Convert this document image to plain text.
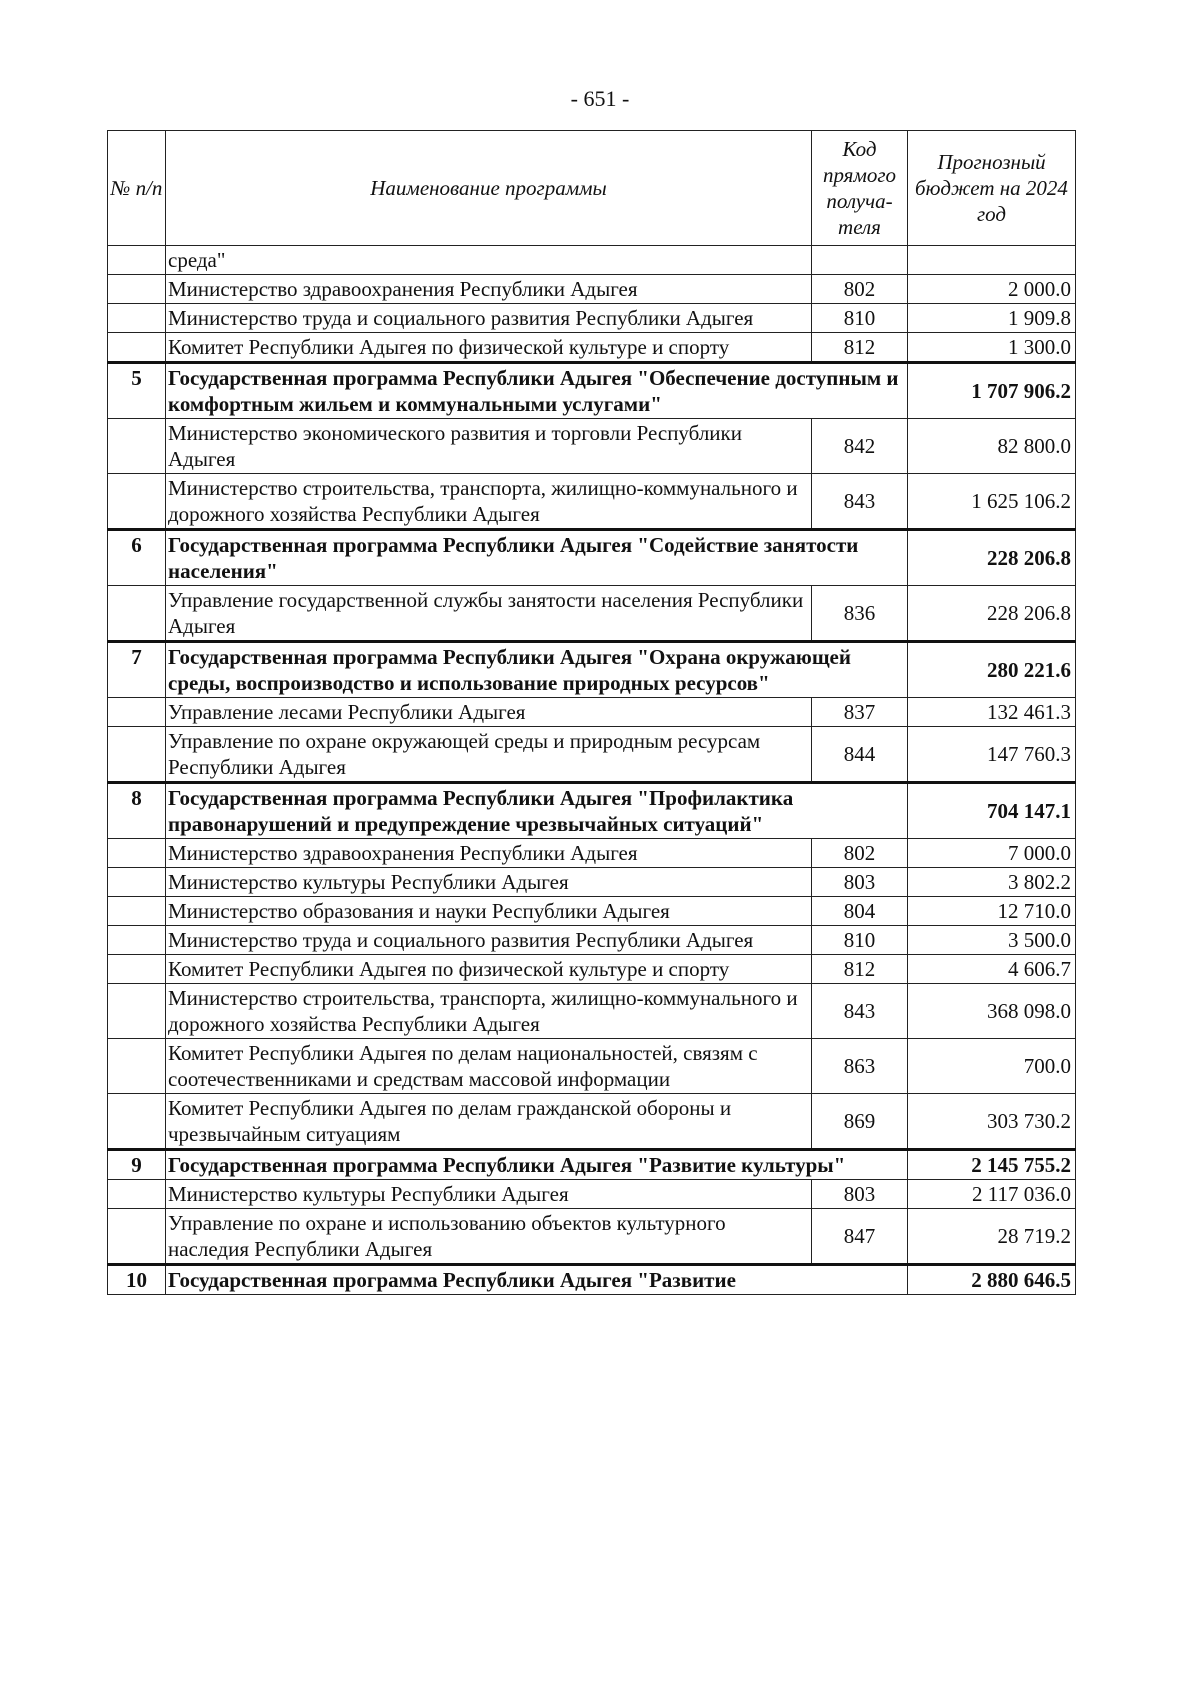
- 651 -
№ п/п	Наименование программы	Код прямого получа-теля	Прогнозный бюджет на 2024 год
	среда"		
	Министерство здравоохранения Республики Адыгея	802	2 000.0
	Министерство труда и социального развития Республики Адыгея	810	1 909.8
	Комитет Республики Адыгея по физической культуре и спорту	812	1 300.0
5	Государственная программа Республики Адыгея "Обеспечение доступным и комфортным жильем и коммунальными услугами"		1 707 906.2
	Министерство экономического развития и торговли Республики Адыгея	842	82 800.0
	Министерство строительства, транспорта, жилищно-коммунального и дорожного хозяйства Республики Адыгея	843	1 625 106.2
6	Государственная программа Республики Адыгея "Содействие занятости населения"		228 206.8
	Управление государственной службы занятости населения Республики Адыгея	836	228 206.8
7	Государственная программа Республики Адыгея "Охрана окружающей среды, воспроизводство и использование природных ресурсов"		280 221.6
	Управление лесами Республики Адыгея	837	132 461.3
	Управление по охране окружающей среды и природным ресурсам Республики Адыгея	844	147 760.3
8	Государственная программа Республики Адыгея "Профилактика правонарушений и предупреждение чрезвычайных ситуаций"		704 147.1
	Министерство здравоохранения Республики Адыгея	802	7 000.0
	Министерство культуры Республики Адыгея	803	3 802.2
	Министерство образования и науки Республики Адыгея	804	12 710.0
	Министерство труда и социального развития Республики Адыгея	810	3 500.0
	Комитет Республики Адыгея по физической культуре и спорту	812	4 606.7
	Министерство строительства, транспорта, жилищно-коммунального и дорожного хозяйства Республики Адыгея	843	368 098.0
	Комитет Республики Адыгея по делам национальностей, связям с соотечественниками и средствам массовой информации	863	700.0
	Комитет Республики Адыгея по делам гражданской обороны и чрезвычайным ситуациям	869	303 730.2
9	Государственная программа Республики Адыгея "Развитие культуры"		2 145 755.2
	Министерство культуры Республики Адыгея	803	2 117 036.0
	Управление по охране и использованию объектов культурного наследия Республики Адыгея	847	28 719.2
10	Государственная программа Республики Адыгея "Развитие		2 880 646.5
